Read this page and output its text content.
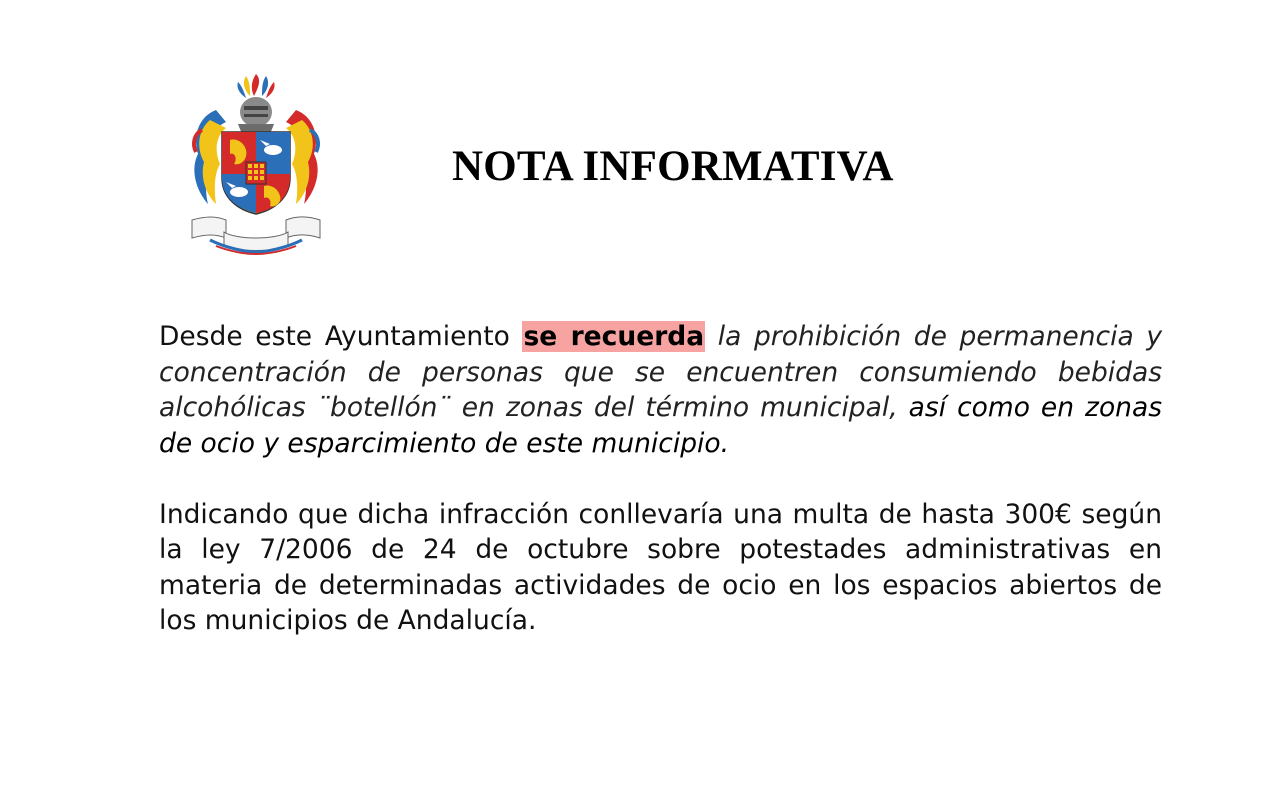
NOTA INFORMATIVA

Desde este Ayuntamiento se recuerda la prohibición de permanencia y concentración de personas que se encuentren consumiendo bebidas alcohólicas ¨botellón¨ en zonas del término municipal, así como en zonas de ocio y esparcimiento de este municipio.

Indicando que dicha infracción conllevaría una multa de hasta 300€ según la ley 7/2006 de 24 de octubre sobre potestades administrativas en materia de determinadas actividades de ocio en los espacios abiertos de los municipios de Andalucía.
